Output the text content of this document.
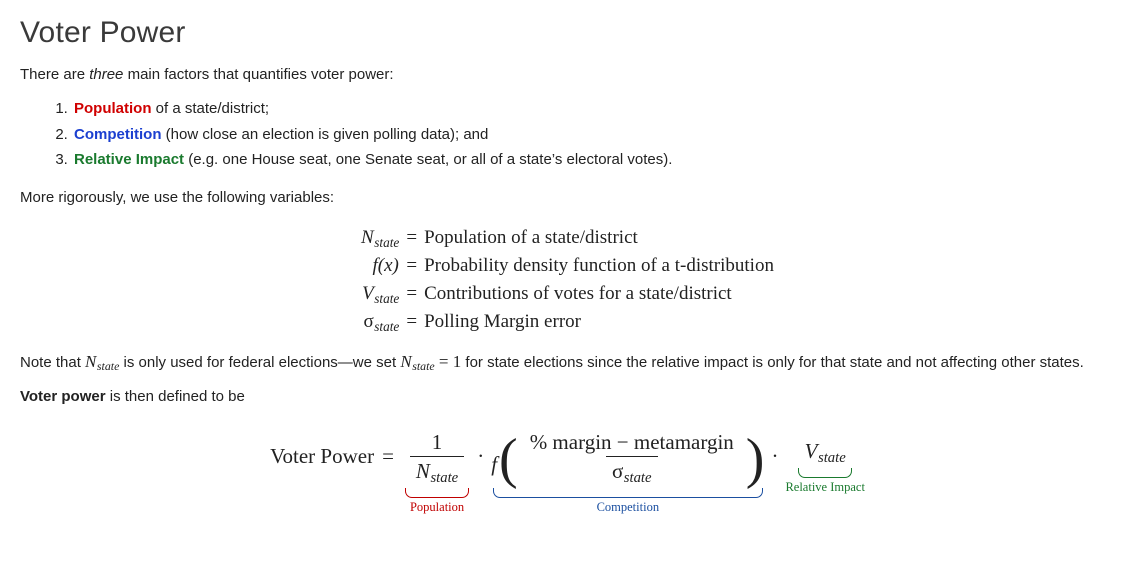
Voter Power

There are three main factors that quantifies voter power:

1. Population of a state/district;
2. Competition (how close an election is given polling data); and
3. Relative Impact (e.g. one House seat, one Senate seat, or all of a state’s electoral votes).

More rigorously, we use the following variables:

$N_{state}$	=	Population of a state/district
f(x)	=	Probability density function of a t-distribution
$V_{state}$	=	Contributions of votes for a state/district
$\sigma_{state}$	=	Polling Margin error

Note that $N_{state}$ is only used for federal elections—we set $N_{state} = 1$ for state elections since the relative impact is only for that state and not affecting other states.

Voter power is then defined to be

Voter Power = $\frac{1}{N_{state}}$
Population
· f ( $\frac{\text{\% margin − metamargin}}{\sigma_{state}}$ )
Competition
·	$V_{state}$
Relative Impact
